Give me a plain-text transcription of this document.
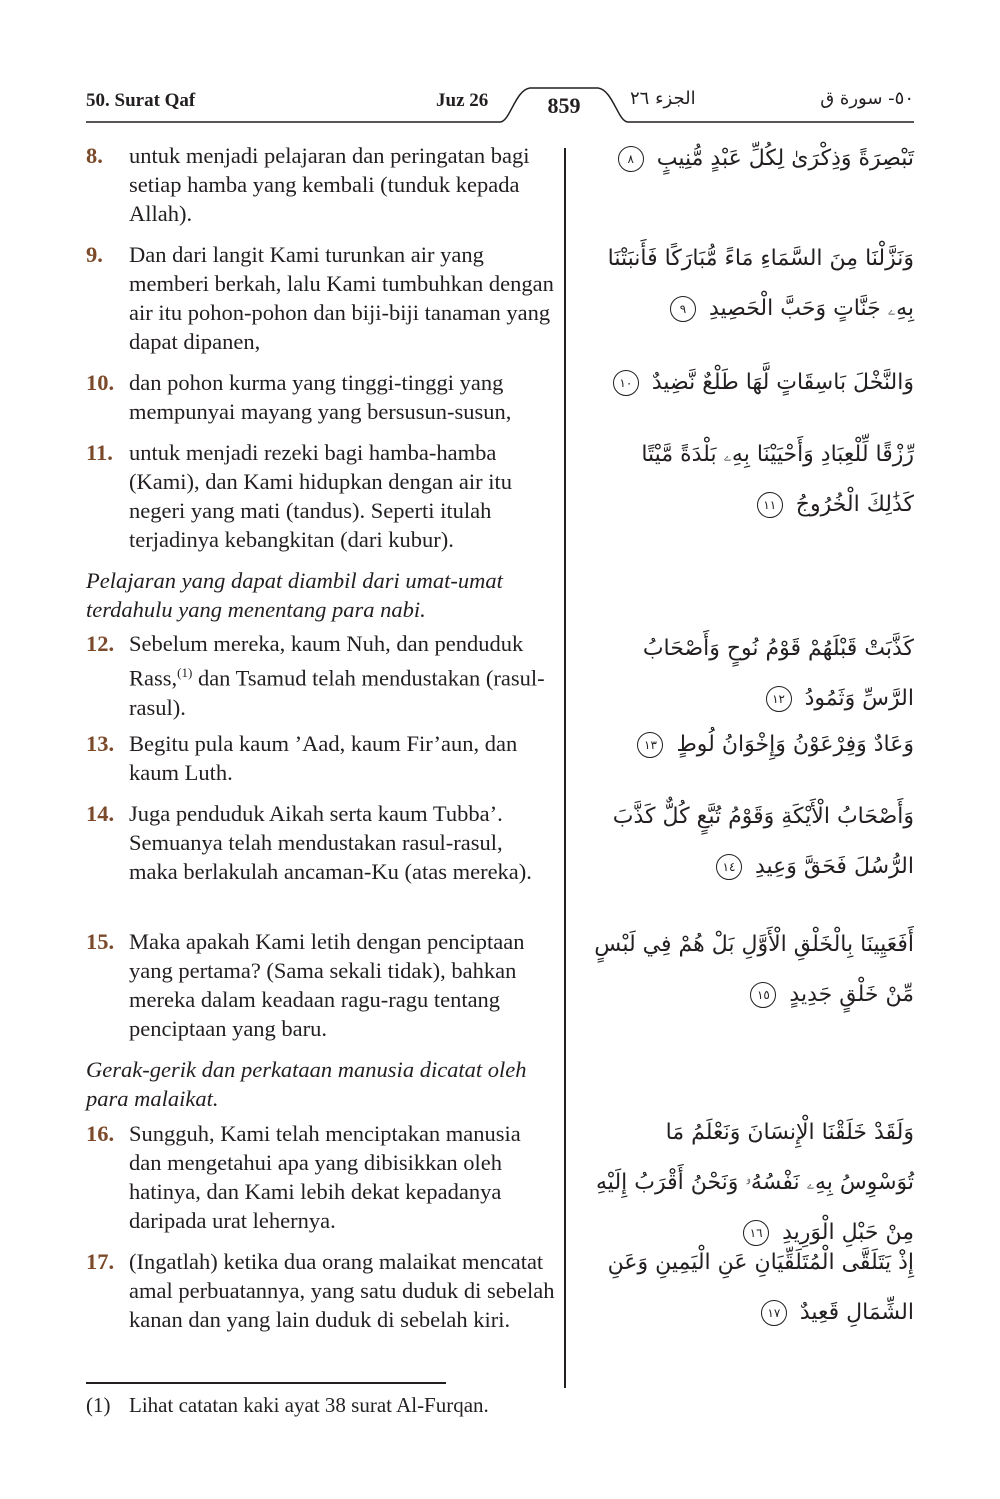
50. Surat Qaf	Juz 26	859	الجزء ٢٦	٥٠- سورة ق
8. untuk menjadi pelajaran dan peringatan bagi setiap hamba yang kembali (tunduk kepada Allah).
تَبْصِرَةً وَذِكْرَىٰ لِكُلِّ عَبْدٍ مُّنِيبٍ ٨
9. Dan dari langit Kami turunkan air yang memberi berkah, lalu Kami tumbuhkan dengan air itu pohon-pohon dan biji-biji tanaman yang dapat dipanen,
وَنَزَّلْنَا مِنَ السَّمَاءِ مَاءً مُّبَارَكًا فَأَنبَتْنَا بِهِۦ جَنَّاتٍ وَحَبَّ الْحَصِيدِ ٩
10. dan pohon kurma yang tinggi-tinggi yang mempunyai mayang yang bersusun-susun,
وَالنَّخْلَ بَاسِقَاتٍ لَّهَا طَلْعٌ نَّضِيدٌ ١٠
11. untuk menjadi rezeki bagi hamba-hamba (Kami), dan Kami hidupkan dengan air itu negeri yang mati (tandus). Seperti itulah terjadinya kebangkitan (dari kubur).
رِّزْقًا لِّلْعِبَادِ وَأَحْيَيْنَا بِهِۦ بَلْدَةً مَّيْتًا كَذَٰلِكَ الْخُرُوجُ ١١
Pelajaran yang dapat diambil dari umat-umat terdahulu yang menentang para nabi.
12. Sebelum mereka, kaum Nuh, dan penduduk Rass,$^{(1)}$ dan Tsamud telah mendustakan (rasul-rasul).
كَذَّبَتْ قَبْلَهُمْ قَوْمُ نُوحٍ وَأَصْحَابُ الرَّسِّ وَثَمُودُ ١٢
13. Begitu pula kaum ’Aad, kaum Fir’aun, dan kaum Luth.
وَعَادٌ وَفِرْعَوْنُ وَإِخْوَانُ لُوطٍ ١٣
14. Juga penduduk Aikah serta kaum Tubba’. Semuanya telah mendustakan rasul-rasul, maka berlakulah ancaman-Ku (atas mereka).
وَأَصْحَابُ الْأَيْكَةِ وَقَوْمُ تُبَّعٍ كُلٌّ كَذَّبَ الرُّسُلَ فَحَقَّ وَعِيدِ ١٤
15. Maka apakah Kami letih dengan penciptaan yang pertama? (Sama sekali tidak), bahkan mereka dalam keadaan ragu-ragu tentang penciptaan yang baru.
أَفَعَيِينَا بِالْخَلْقِ الْأَوَّلِ بَلْ هُمْ فِي لَبْسٍ مِّنْ خَلْقٍ جَدِيدٍ ١٥
Gerak-gerik dan perkataan manusia dicatat oleh para malaikat.
16. Sungguh, Kami telah menciptakan manusia dan mengetahui apa yang dibisikkan oleh hatinya, dan Kami lebih dekat kepadanya daripada urat lehernya.
وَلَقَدْ خَلَقْنَا الْإِنسَانَ وَنَعْلَمُ مَا تُوَسْوِسُ بِهِۦ نَفْسُهُۥ وَنَحْنُ أَقْرَبُ إِلَيْهِ مِنْ حَبْلِ الْوَرِيدِ ١٦
17. (Ingatlah) ketika dua orang malaikat mencatat amal perbuatannya, yang satu duduk di sebelah kanan dan yang lain duduk di sebelah kiri.
إِذْ يَتَلَقَّى الْمُتَلَقِّيَانِ عَنِ الْيَمِينِ وَعَنِ الشِّمَالِ قَعِيدٌ ١٧
(1) Lihat catatan kaki ayat 38 surat Al-Furqan.
